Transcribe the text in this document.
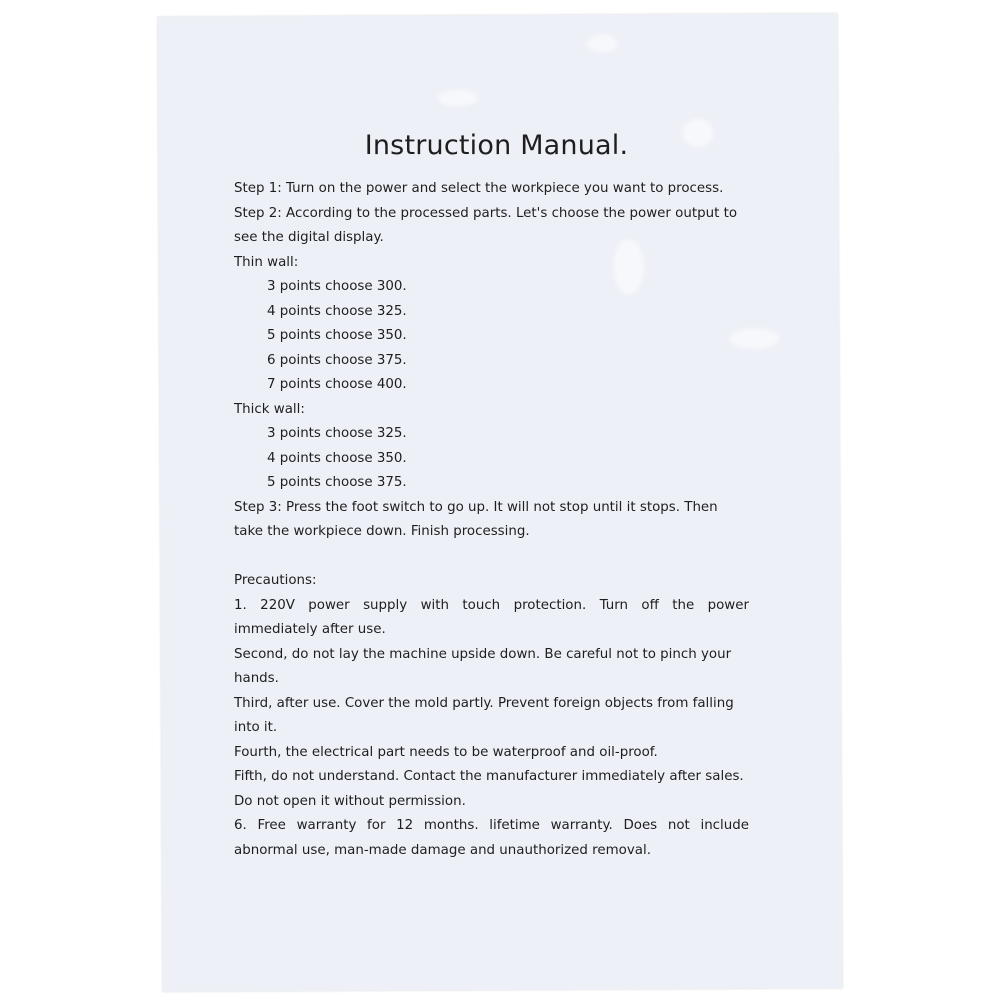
Instruction Manual.
Step 1: Turn on the power and select the workpiece you want to process.
Step 2: According to the processed parts. Let's choose the power output to
see the digital display.
Thin wall:
3 points choose 300.
4 points choose 325.
5 points choose 350.
6 points choose 375.
7 points choose 400.
Thick wall:
3 points choose 325.
4 points choose 350.
5 points choose 375.
Step 3: Press the foot switch to go up. It will not stop until it stops. Then
take the workpiece down. Finish processing.
Precautions:
1. 220V power supply with touch protection. Turn off the power
immediately after use.
Second, do not lay the machine upside down. Be careful not to pinch your
hands.
Third, after use. Cover the mold partly. Prevent foreign objects from falling
into it.
Fourth, the electrical part needs to be waterproof and oil-proof.
Fifth, do not understand. Contact the manufacturer immediately after sales.
Do not open it without permission.
6. Free warranty for 12 months. lifetime warranty. Does not include
abnormal use, man-made damage and unauthorized removal.
